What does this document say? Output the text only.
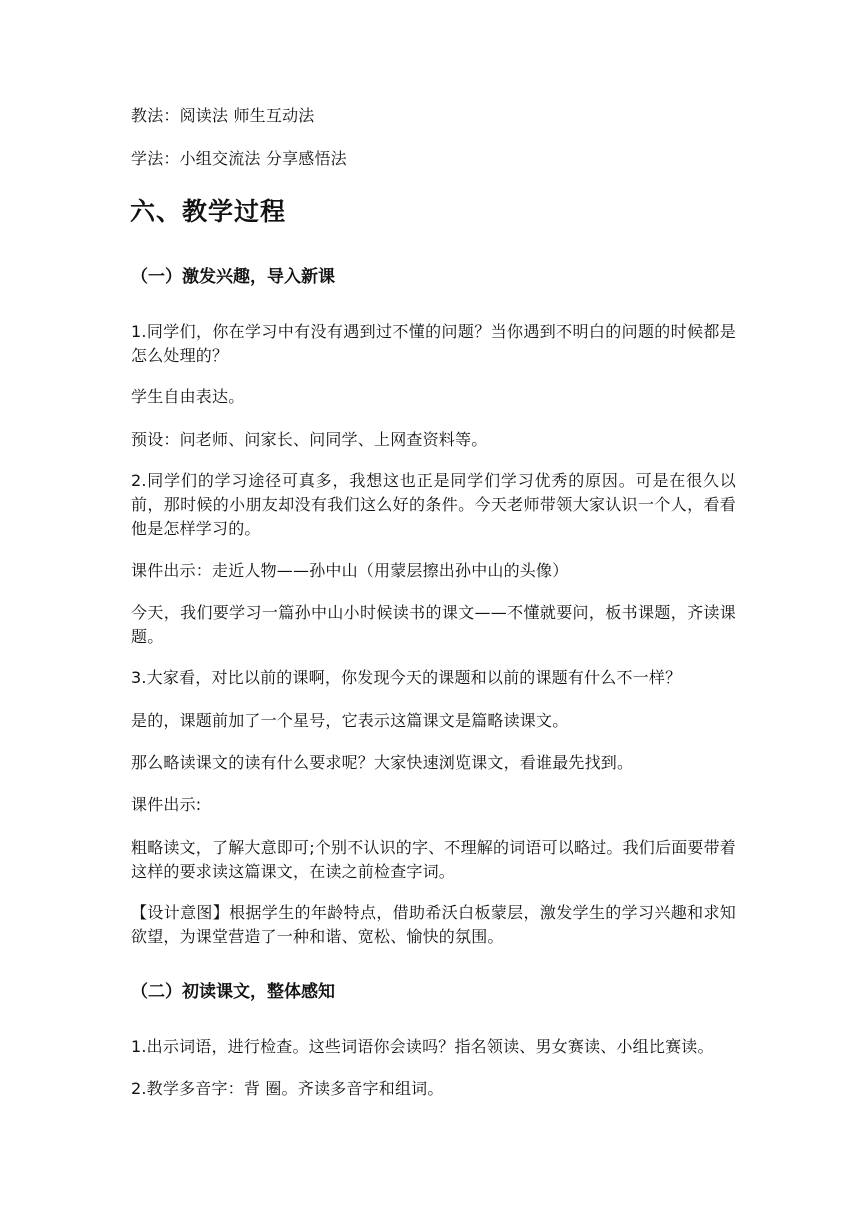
教法：阅读法 师生互动法
学法：小组交流法 分享感悟法
六、教学过程
（一）激发兴趣，导入新课
1.同学们，你在学习中有没有遇到过不懂的问题？当你遇到不明白的问题的时候都是怎么处理的？
学生自由表达。
预设：问老师、问家长、问同学、上网查资料等。
2.同学们的学习途径可真多，我想这也正是同学们学习优秀的原因。可是在很久以前，那时候的小朋友却没有我们这么好的条件。今天老师带领大家认识一个人，看看他是怎样学习的。
课件出示：走近人物——孙中山（用蒙层擦出孙中山的头像）
今天，我们要学习一篇孙中山小时候读书的课文——不懂就要问，板书课题，齐读课题。
3.大家看，对比以前的课啊，你发现今天的课题和以前的课题有什么不一样？
是的，课题前加了一个星号，它表示这篇课文是篇略读课文。
那么略读课文的读有什么要求呢？大家快速浏览课文，看谁最先找到。
课件出示:
粗略读文，了解大意即可;个别不认识的字、不理解的词语可以略过。我们后面要带着这样的要求读这篇课文，在读之前检查字词。
【设计意图】根据学生的年龄特点，借助希沃白板蒙层，激发学生的学习兴趣和求知欲望，为课堂营造了一种和谐、宽松、愉快的氛围。
（二）初读课文，整体感知
1.出示词语，进行检查。这些词语你会读吗？指名领读、男女赛读、小组比赛读。
2.教学多音字：背 圈。齐读多音字和组词。
